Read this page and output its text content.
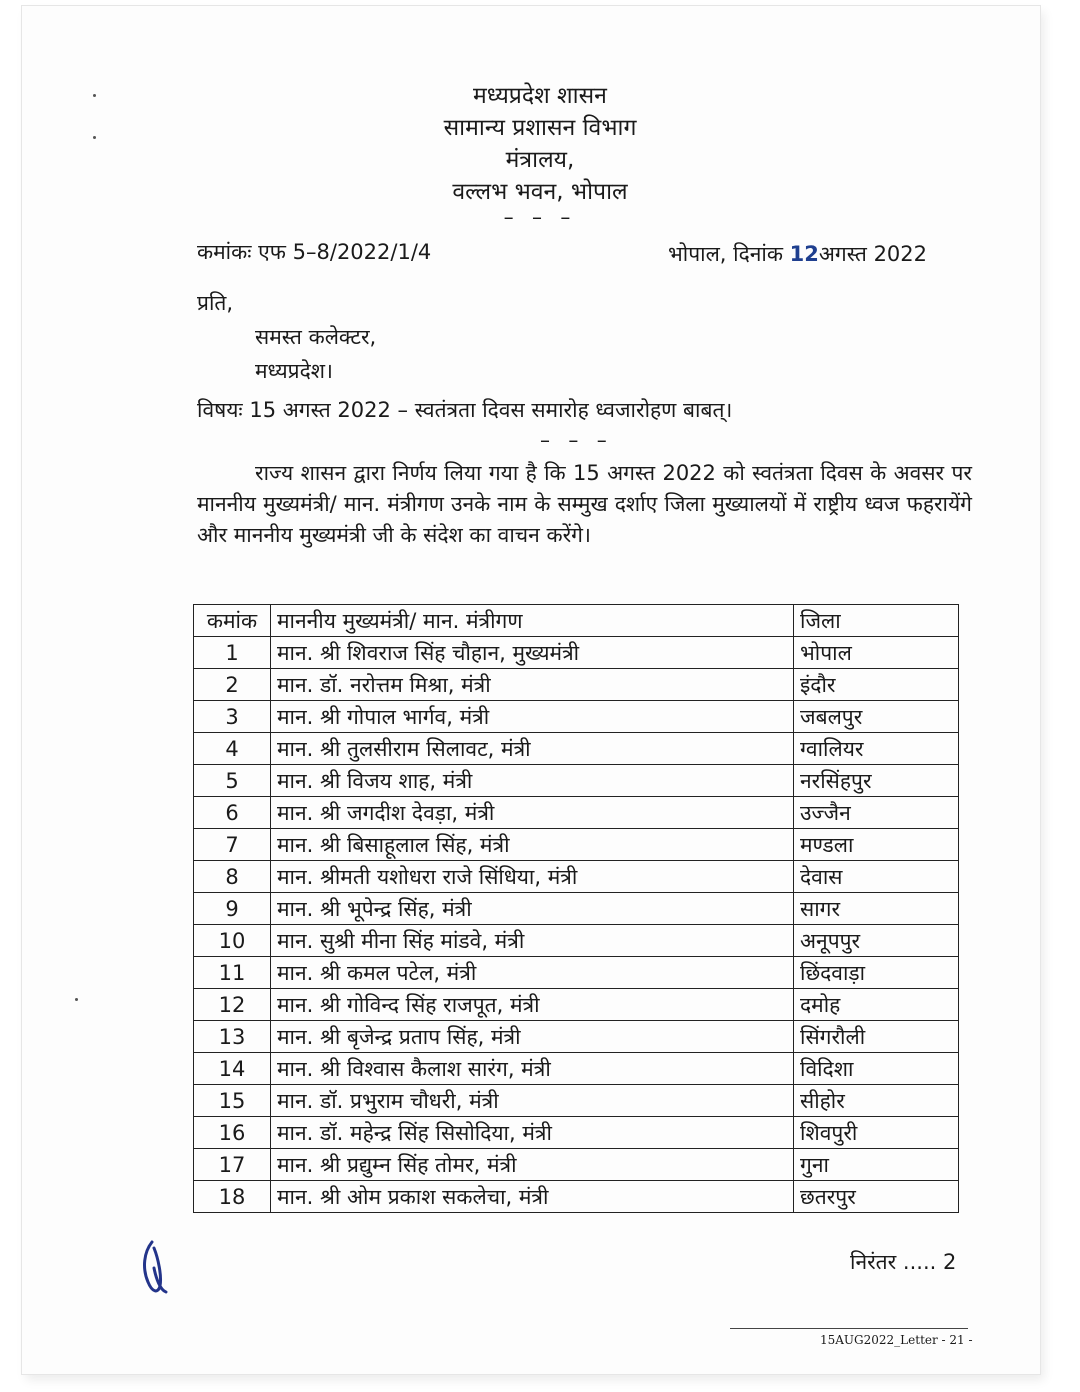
मध्यप्रदेश शासन
सामान्य प्रशासन विभाग
मंत्रालय,
वल्लभ भवन, भोपाल
– – –
कमांकः एफ 5–8/2022/1/4	भोपाल, दिनांक 12अगस्त 2022
प्रति,
समस्त कलेक्टर,
मध्यप्रदेश।
विषयः 15 अगस्त 2022 – स्वतंत्रता दिवस समारोह ध्वजारोहण बाबत्।
– – –
राज्य शासन द्वारा निर्णय लिया गया है कि 15 अगस्त 2022 को स्वतंत्रता दिवस के अवसर पर माननीय मुख्यमंत्री/ मान. मंत्रीगण उनके नाम के सम्मुख दर्शाए जिला मुख्यालयों में राष्ट्रीय ध्वज फहरायेंगे और माननीय मुख्यमंत्री जी के संदेश का वाचन करेंगे।
कमांक	माननीय मुख्यमंत्री/ मान. मंत्रीगण	जिला
1	मान. श्री शिवराज सिंह चौहान, मुख्यमंत्री	भोपाल
2	मान. डॉ. नरोत्तम मिश्रा, मंत्री	इंदौर
3	मान. श्री गोपाल भार्गव, मंत्री	जबलपुर
4	मान. श्री तुलसीराम सिलावट, मंत्री	ग्वालियर
5	मान. श्री विजय शाह, मंत्री	नरसिंहपुर
6	मान. श्री जगदीश देवड़ा, मंत्री	उज्जैन
7	मान. श्री बिसाहूलाल सिंह, मंत्री	मण्डला
8	मान. श्रीमती यशोधरा राजे सिंधिया, मंत्री	देवास
9	मान. श्री भूपेन्द्र सिंह, मंत्री	सागर
10	मान. सुश्री मीना सिंह मांडवे, मंत्री	अनूपपुर
11	मान. श्री कमल पटेल, मंत्री	छिंदवाड़ा
12	मान. श्री गोविन्द सिंह राजपूत, मंत्री	दमोह
13	मान. श्री बृजेन्द्र प्रताप सिंह, मंत्री	सिंगरौली
14	मान. श्री विश्वास कैलाश सारंग, मंत्री	विदिशा
15	मान. डॉ. प्रभुराम चौधरी, मंत्री	सीहोर
16	मान. डॉ. महेन्द्र सिंह सिसोदिया, मंत्री	शिवपुरी
17	मान. श्री प्रद्युम्न सिंह तोमर, मंत्री	गुना
18	मान. श्री ओम प्रकाश सकलेचा, मंत्री	छतरपुर
निरंतर ..... 2
15AUG2022_Letter - 21 -
